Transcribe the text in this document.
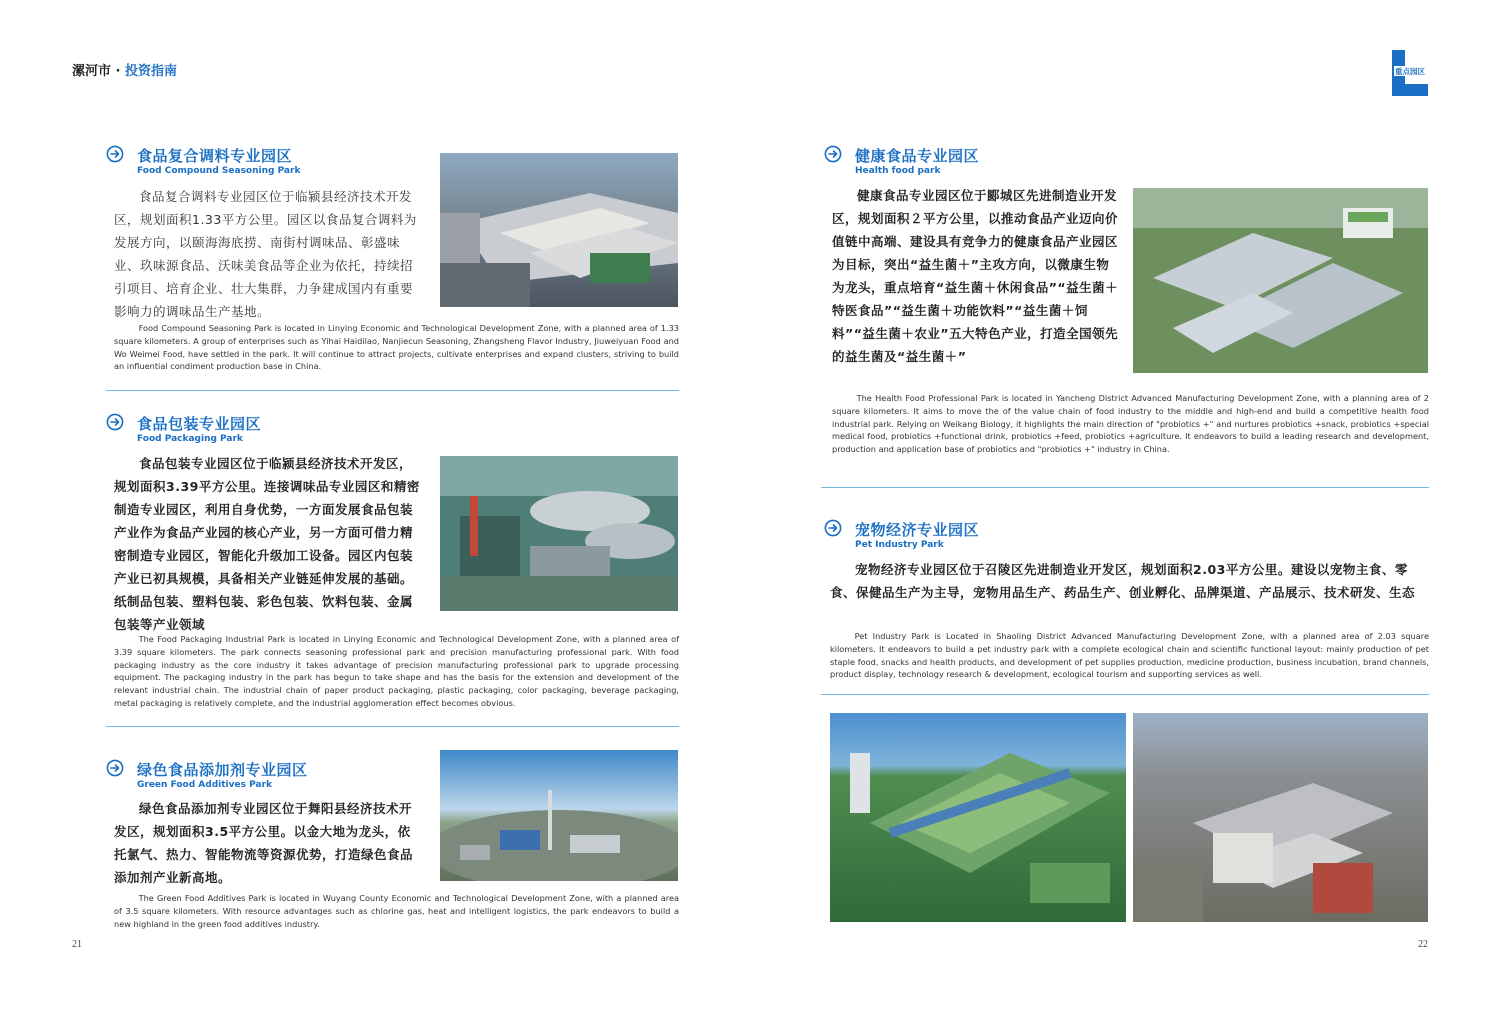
漯河市 · 投资指南	重点园区
食品复合调料专业园区
Food Compound Seasoning Park
食品复合调料专业园区位于临颍县经济技术开发区，规划面积1.33平方公里。园区以食品复合调料为发展方向，以颐海海底捞、南街村调味品、彰盛味业、玖味源食品、沃味美食品等企业为依托，持续招引项目、培育企业、壮大集群，力争建成国内有重要影响力的调味品生产基地。
Food Compound Seasoning Park is located in Linying Economic and Technological Development Zone, with a planned area of 1.33 square kilometers. A group of enterprises such as Yihai Haidilao, Nanjiecun Seasoning, Zhangsheng Flavor Industry, Jiuweiyuan Food and Wo Weimei Food, have settled in the park. It will continue to attract projects, cultivate enterprises and expand clusters, striving to build an influential condiment production base in China.
食品包装专业园区
Food Packaging Park
食品包装专业园区位于临颍县经济技术开发区，规划面积3.39平方公里。连接调味品专业园区和精密制造专业园区，利用自身优势，一方面发展食品包装产业作为食品产业园的核心产业，另一方面可借力精密制造专业园区，智能化升级加工设备。园区内包装产业已初具规模，具备相关产业链延伸发展的基础。纸制品包装、塑料包装、彩色包装、饮料包装、金属包装等产业领域
The Food Packaging Industrial Park is located in Linying Economic and Technological Development Zone, with a planned area of 3.39 square kilometers. The park connects seasoning professional park and precision manufacturing professional park. With food packaging industry as the core industry it takes advantage of precision manufacturing professional park to upgrade processing equipment. The packaging industry in the park has begun to take shape and has the basis for the extension and development of the relevant industrial chain. The industrial chain of paper product packaging, plastic packaging, color packaging, beverage packaging, metal packaging is relatively complete, and the industrial agglomeration effect becomes obvious.
绿色食品添加剂专业园区
Green Food Additives Park
绿色食品添加剂专业园区位于舞阳县经济技术开发区，规划面积3.5平方公里。以金大地为龙头，依托氯气、热力、智能物流等资源优势，打造绿色食品添加剂产业新高地。
The Green Food Additives Park is located in Wuyang County Economic and Technological Development Zone, with a planned area of 3.5 square kilometers. With resource advantages such as chlorine gas, heat and intelligent logistics, the park endeavors to build a new highland in the green food additives industry.
21
健康食品专业园区
Health food park
健康食品专业园区位于郾城区先进制造业开发区，规划面积２平方公里，以推动食品产业迈向价值链中高端、建设具有竞争力的健康食品产业园区为目标，突出“益生菌＋”主攻方向，以微康生物为龙头，重点培育“益生菌＋休闲食品”“益生菌＋特医食品”“益生菌＋功能饮料”“益生菌＋饲料”“益生菌＋农业”五大特色产业，打造全国领先的益生菌及“益生菌＋”
The Health Food Professional Park is located in Yancheng District Advanced Manufacturing Development Zone, with a planning area of 2 square kilometers. It aims to move the of the value chain of food industry to the middle and high-end and build a competitive health food industrial park. Relying on Weikang Biology, it highlights the main direction of "probiotics +" and nurtures probiotics +snack, probiotics +special medical food, probiotics +functional drink, probiotics +feed, probiotics +agriculture. It endeavors to build a leading research and development, production and application base of probiotics and "probiotics +" industry in China.
宠物经济专业园区
Pet Industry Park
宠物经济专业园区位于召陵区先进制造业开发区，规划面积2.03平方公里。建设以宠物主食、零食、保健品生产为主导，宠物用品生产、药品生产、创业孵化、品牌渠道、产品展示、技术研发、生态
Pet Industry Park is Located in Shaoling District Advanced Manufacturing Development Zone, with a planned area of 2.03 square kilometers. It endeavors to build a pet industry park with a complete ecological chain and scientific functional layout: mainly production of pet staple food, snacks and health products, and development of pet supplies production, medicine production, business incubation, brand channels, product display, technology research & development, ecological tourism and supporting services as well.
22
